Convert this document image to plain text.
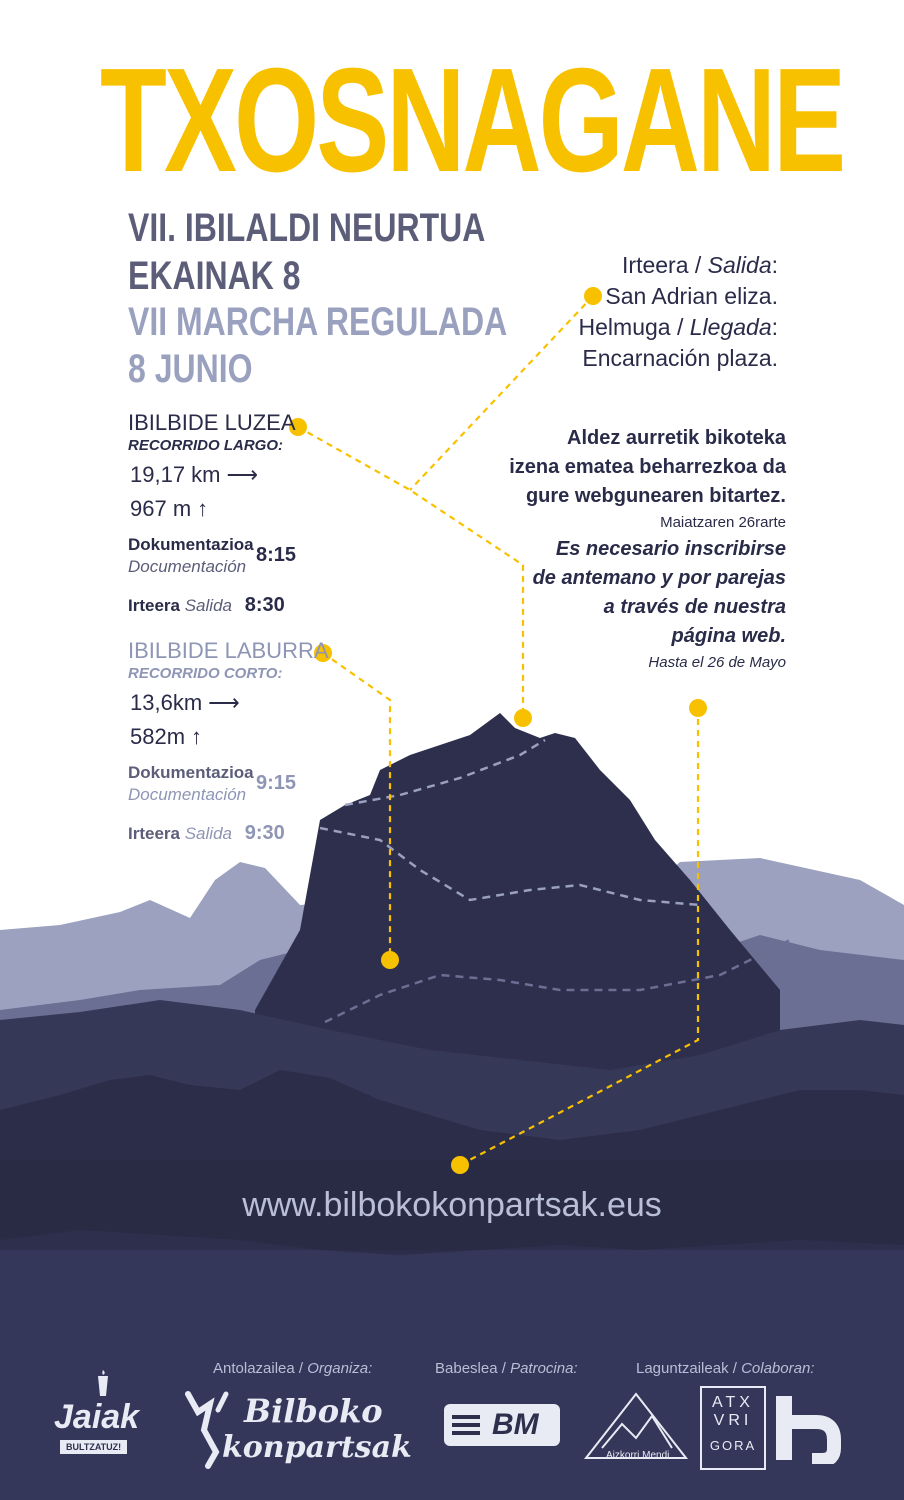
TXOSNAGANE
VII. IBILALDI NEURTUA
EKAINAK 8
VII MARCHA REGULADA
8 JUNIO
Irteera / Salida:
San Adrian eliza.
Helmuga / Llegada:
Encarnación plaza.
IBILBIDE LUZEA
RECORRIDO LARGO:
19,17 km ⟶
967 m ↑
Dokumentazioa
Documentación
8:15
Irteera Salida 8:30
IBILBIDE LABURRA
RECORRIDO CORTO:
13,6km ⟶
582m ↑
Dokumentazioa
Documentación
9:15
Irteera Salida 9:30
Aldez aurretik bikoteka
izena ematea beharrezkoa da
gure webgunearen bitartez.
Maiatzaren 26rarte
Es necesario inscribirse
de antemano y por parejas
a través de nuestra
página web.
Hasta el 26 de Mayo
www.bilbokokonpartsak.eus
Antolazailea / Organiza:	Babeslea / Patrocina:	Laguntzaileak / Colaboran:
Jaiak
BULTZATUZ!
Bilboko
konpartsak
BM
Aizkorri Mendi
ATX
VRI
GORA
